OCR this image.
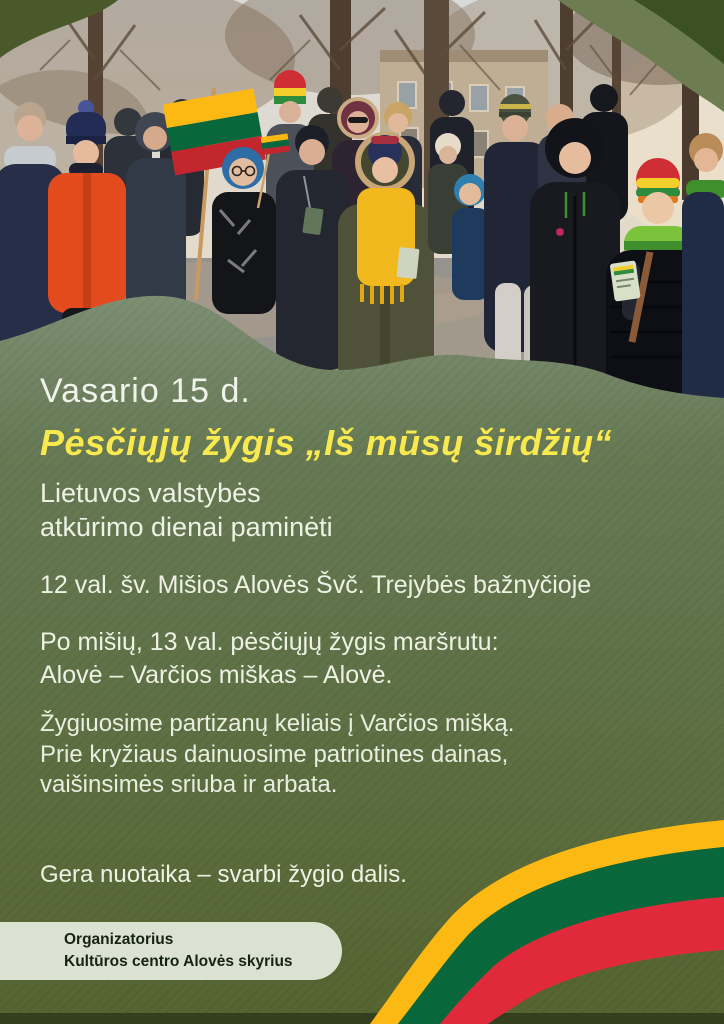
Vasario 15 d.
Pėsčiųjų žygis „Iš mūsų širdžių“
Lietuvos valstybės
atkūrimo dienai paminėti
12 val. šv. Mišios Alovės Švč. Trejybės bažnyčioje
Po mišių, 13 val. pėsčiųjų žygis maršrutu:
Alovė – Varčios miškas – Alovė.
Žygiuosime partizanų keliais į Varčios mišką.
Prie kryžiaus dainuosime patriotines dainas,
vaišinsimės sriuba ir arbata.
Gera nuotaika – svarbi žygio dalis.
Organizatorius
Kultūros centro Alovės skyrius
